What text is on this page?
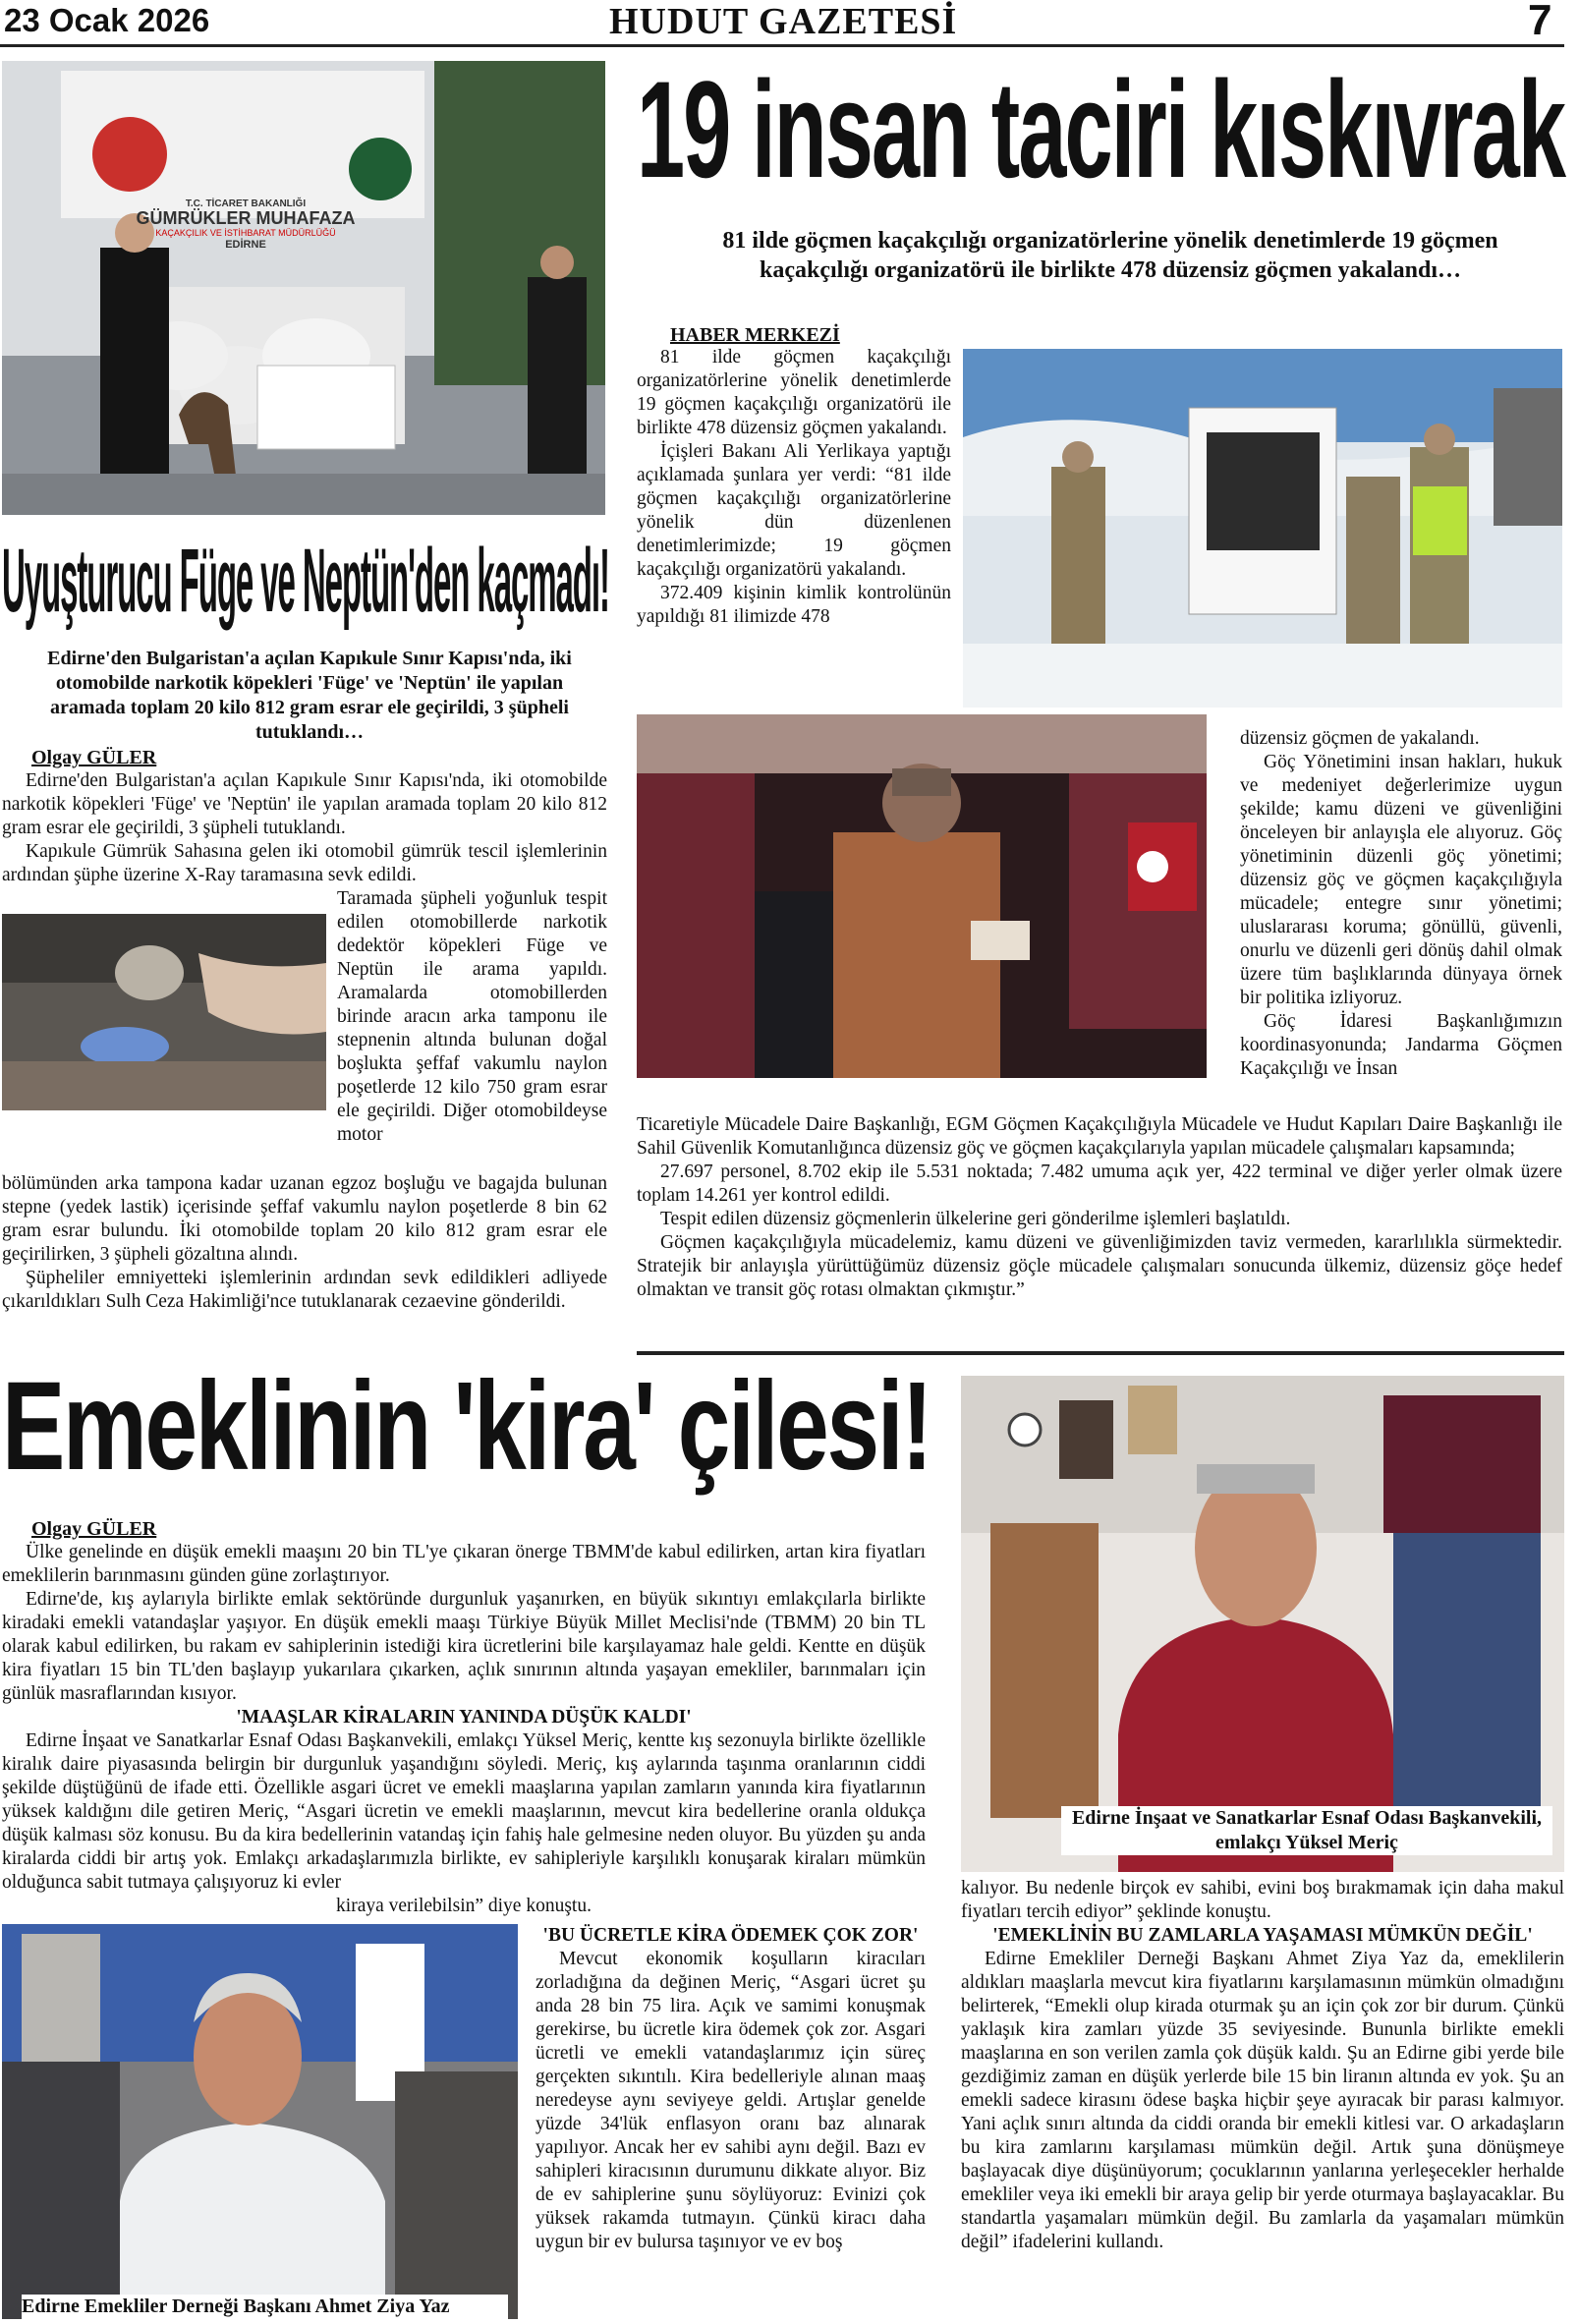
23 Ocak 2026	HUDUT GAZETESİ	7
T.C. TİCARET BAKANLIĞI
GÜMRÜKLER MUHAFAZA
KAÇAKÇILIK VE İSTİHBARAT MÜDÜRLÜĞÜ
EDİRNE
Uyuşturucu Füge ve Neptün'den kaçmadı!
Edirne'den Bulgaristan'a açılan Kapıkule Sınır Kapısı'nda, iki otomobilde narkotik köpekleri 'Füge' ve 'Neptün' ile yapılan aramada toplam 20 kilo 812 gram esrar ele geçirildi, 3 şüpheli tutuklandı…
Olgay GÜLER

Edirne'den Bulgaristan'a açılan Kapıkule Sınır Kapısı'nda, iki otomobilde narkotik köpekleri 'Füge' ve 'Neptün' ile yapılan aramada toplam 20 kilo 812 gram esrar ele geçirildi, 3 şüpheli tutuklandı.

Kapıkule Gümrük Sahasına gelen iki otomobil gümrük tescil işlemlerinin ardından şüphe üzerine X-Ray taramasına sevk edildi.

Taramada şüpheli yoğunluk tespit edilen otomobillerde narkotik dedektör köpekleri Füge ve Neptün ile arama yapıldı. Aramalarda otomobillerden birinde aracın arka tamponu ile stepnenin altında bulunan doğal boşlukta şeffaf vakumlu naylon poşetlerde 12 kilo 750 gram esrar ele geçirildi. Diğer otomobildeyse motor

bölümünden arka tampona kadar uzanan egzoz boşluğu ve bagajda bulunan stepne (yedek lastik) içerisinde şeffaf vakumlu naylon poşetlerde 8 bin 62 gram esrar bulundu. İki otomobilde toplam 20 kilo 812 gram esrar ele geçirilirken, 3 şüpheli gözaltına alındı.

Şüpheliler emniyetteki işlemlerinin ardından sevk edildikleri adliyede çıkarıldıkları Sulh Ceza Hakimliği'nce tutuklanarak cezaevine gönderildi.

19 insan taciri kıskıvrak
81 ilde göçmen kaçakçılığı organizatörlerine yönelik denetimlerde 19 göçmen kaçakçılığı organizatörü ile birlikte 478 düzensiz göçmen yakalandı…
HABER MERKEZİ

81 ilde göçmen kaçakçılığı organizatörlerine yönelik denetimlerde 19 göçmen kaçakçılığı organizatörü ile birlikte 478 düzensiz göçmen yakalandı.

İçişleri Bakanı Ali Yerlikaya yaptığı açıklamada şunlara yer verdi: “81 ilde göçmen kaçakçılığı organizatörlerine yönelik dün düzenlenen denetimlerimizde; 19 göçmen kaçakçılığı organizatörü yakalandı.

372.409 kişinin kimlik kontrolünün yapıldığı 81 ilimizde 478

düzensiz göçmen de yakalandı.

Göç Yönetimini insan hakları, hukuk ve medeniyet değerlerimize uygun şekilde; kamu düzeni ve güvenliğini önceleyen bir anlayışla ele alıyoruz. Göç yönetiminin düzenli göç yönetimi; düzensiz göç ve göçmen kaçakçılığıyla mücadele; entegre sınır yönetimi; uluslararası koruma; gönüllü, güvenli, onurlu ve düzenli geri dönüş dahil olmak üzere tüm başlıklarında dünyaya örnek bir politika izliyoruz.

Göç İdaresi Başkanlığımızın koordinasyonunda; Jandarma Göçmen Kaçakçılığı ve İnsan

Ticaretiyle Mücadele Daire Başkanlığı, EGM Göçmen Kaçakçılığıyla Mücadele ve Hudut Kapıları Daire Başkanlığı ile Sahil Güvenlik Komutanlığınca düzensiz göç ve göçmen kaçakçılarıyla yapılan mücadele çalışmaları kapsamında;

27.697 personel, 8.702 ekip ile 5.531 noktada; 7.482 umuma açık yer, 422 terminal ve diğer yerler olmak üzere toplam 14.261 yer kontrol edildi.

Tespit edilen düzensiz göçmenlerin ülkelerine geri gönderilme işlemleri başlatıldı.

Göçmen kaçakçılığıyla mücadelemiz, kamu düzeni ve güvenliğimizden taviz vermeden, kararlılıkla sürmektedir. Stratejik bir anlayışla yürüttüğümüz düzensiz göçle mücadele çalışmaları sonucunda ülkemiz, düzensiz göçe hedef olmaktan ve transit göç rotası olmaktan çıkmıştır.”

Emeklinin 'kira' çilesi!
Olgay GÜLER

Ülke genelinde en düşük emekli maaşını 20 bin TL'ye çıkaran önerge TBMM'de kabul edilirken, artan kira fiyatları emeklilerin barınmasını günden güne zorlaştırıyor.

Edirne'de, kış aylarıyla birlikte emlak sektöründe durgunluk yaşanırken, en büyük sıkıntıyı emlakçılarla birlikte kiradaki emekli vatandaşlar yaşıyor. En düşük emekli maaşı Türkiye Büyük Millet Meclisi'nde (TBMM) 20 bin TL olarak kabul edilirken, bu rakam ev sahiplerinin istediği kira ücretlerini bile karşılayamaz hale geldi. Kentte en düşük kira fiyatları 15 bin TL'den başlayıp yukarılara çıkarken, açlık sınırının altında yaşayan emekliler, barınmaları için günlük masraflarından kısıyor.

'MAAŞLAR KİRALARIN YANINDA DÜŞÜK KALDI'

Edirne İnşaat ve Sanatkarlar Esnaf Odası Başkanvekili, emlakçı Yüksel Meriç, kentte kış sezonuyla birlikte özellikle kiralık daire piyasasında belirgin bir durgunluk yaşandığını söyledi. Meriç, kış aylarında taşınma oranlarının ciddi şekilde düştüğünü de ifade etti. Özellikle asgari ücret ve emekli maaşlarına yapılan zamların yanında kira fiyatlarının yüksek kaldığını dile getiren Meriç, “Asgari ücretin ve emekli maaşlarının, mevcut kira bedellerine oranla oldukça düşük kalması söz konusu. Bu da kira bedellerinin vatandaş için fahiş hale gelmesine neden oluyor. Bu yüzden şu anda kiralarda ciddi bir artış yok. Emlakçı arkadaşlarımızla birlikte, ev sahipleriyle karşılıklı konuşarak kiraları mümkün olduğunca sabit tutmaya çalışıyoruz ki evler

kiraya verilebilsin” diye konuştu.
Edirne İnşaat ve Sanatkarlar Esnaf Odası Başkanvekili, emlakçı Yüksel Meriç
Edirne Emekliler Derneği Başkanı Ahmet Ziya Yaz
'BU ÜCRETLE KİRA ÖDEMEK ÇOK ZOR'

Mevcut ekonomik koşulların kiracıları zorladığına da değinen Meriç, “Asgari ücret şu anda 28 bin 75 lira. Açık ve samimi konuşmak gerekirse, bu ücretle kira ödemek çok zor. Asgari ücretli ve emekli vatandaşlarımız için süreç gerçekten sıkıntılı. Kira bedelleriyle alınan maaş neredeyse aynı seviyeye geldi. Artışlar genelde yüzde 34'lük enflasyon oranı baz alınarak yapılıyor. Ancak her ev sahibi aynı değil. Bazı ev sahipleri kiracısının durumunu dikkate alıyor. Biz de ev sahiplerine şunu söylüyoruz: Evinizi çok yüksek rakamda tutmayın. Çünkü kiracı daha uygun bir ev bulursa taşınıyor ve ev boş

kalıyor. Bu nedenle birçok ev sahibi, evini boş bırakmamak için daha makul fiyatları tercih ediyor” şeklinde konuştu.

'EMEKLİNİN BU ZAMLARLA YAŞAMASI MÜMKÜN DEĞİL'

Edirne Emekliler Derneği Başkanı Ahmet Ziya Yaz da, emeklilerin aldıkları maaşlarla mevcut kira fiyatlarını karşılamasının mümkün olmadığını belirterek, “Emekli olup kirada oturmak şu an için çok zor bir durum. Çünkü yaklaşık kira zamları yüzde 35 seviyesinde. Bununla birlikte emekli maaşlarına en son verilen zamla çok düşük kaldı. Şu an Edirne gibi yerde bile gezdiğimiz zaman en düşük yerlerde bile 15 bin liranın altında ev yok. Şu an emekli sadece kirasını ödese başka hiçbir şeye ayıracak bir parası kalmıyor. Yani açlık sınırı altında da ciddi oranda bir emekli kitlesi var. O arkadaşların bu kira zamlarını karşılaması mümkün değil. Artık şuna dönüşmeye başlayacak diye düşünüyorum; çocuklarının yanlarına yerleşecekler herhalde emekliler veya iki emekli bir araya gelip bir yerde oturmaya başlayacaklar. Bu standartla yaşamaları mümkün değil. Bu zamlarla da yaşamaları mümkün değil” ifadelerini kullandı.
